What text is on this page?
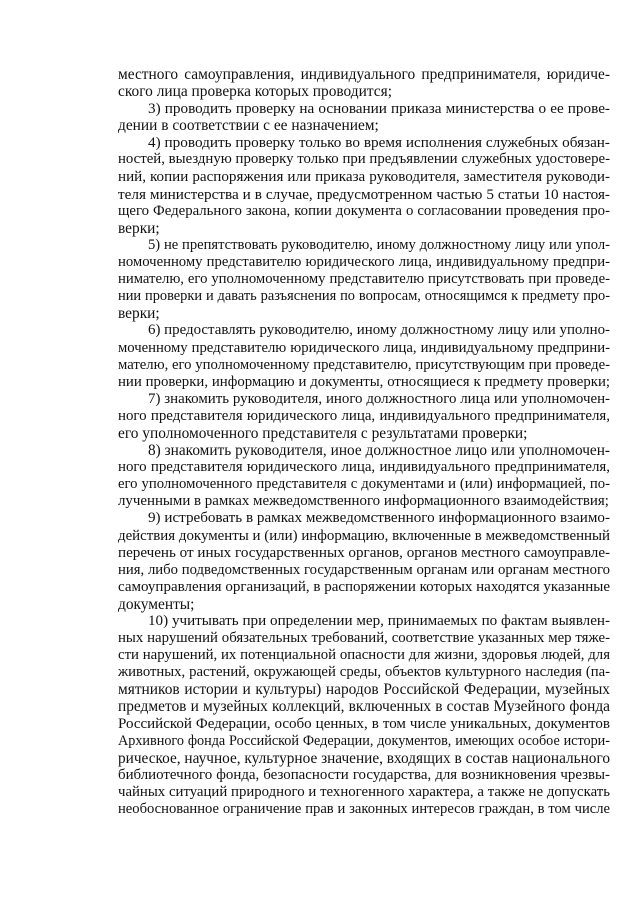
местного самоуправления, индивидуального предпринимателя, юридиче-
ского лица проверка которых проводится;
3) проводить проверку на основании приказа министерства о ее прове-
дении в соответствии с ее назначением;
4) проводить проверку только во время исполнения служебных обязан-
ностей, выездную проверку только при предъявлении служебных удостовере-
ний, копии распоряжения или приказа руководителя, заместителя руководи-
теля министерства и в случае, предусмотренном частью 5 статьи 10 настоя-
щего Федерального закона, копии документа о согласовании проведения про-
верки;
5) не препятствовать руководителю, иному должностному лицу или упол-
номоченному представителю юридического лица, индивидуальному предпри-
нимателю, его уполномоченному представителю присутствовать при проведе-
нии проверки и давать разъяснения по вопросам, относящимся к предмету про-
верки;
6) предоставлять руководителю, иному должностному лицу или уполно-
моченному представителю юридического лица, индивидуальному предприни-
мателю, его уполномоченному представителю, присутствующим при проведе-
нии проверки, информацию и документы, относящиеся к предмету проверки;
7) знакомить руководителя, иного должностного лица или уполномочен-
ного представителя юридического лица, индивидуального предпринимателя,
его уполномоченного представителя с результатами проверки;
8) знакомить руководителя, иное должностное лицо или уполномочен-
ного представителя юридического лица, индивидуального предпринимателя,
его уполномоченного представителя с документами и (или) информацией, по-
лученными в рамках межведомственного информационного взаимодействия;
9) истребовать в рамках межведомственного информационного взаимо-
действия документы и (или) информацию, включенные в межведомственный
перечень от иных государственных органов, органов местного самоуправле-
ния, либо подведомственных государственным органам или органам местного
самоуправления организаций, в распоряжении которых находятся указанные
документы;
10) учитывать при определении мер, принимаемых по фактам выявлен-
ных нарушений обязательных требований, соответствие указанных мер тяже-
сти нарушений, их потенциальной опасности для жизни, здоровья людей, для
животных, растений, окружающей среды, объектов культурного наследия (па-
мятников истории и культуры) народов Российской Федерации, музейных
предметов и музейных коллекций, включенных в состав Музейного фонда
Российской Федерации, особо ценных, в том числе уникальных, документов
Архивного фонда Российской Федерации, документов, имеющих особое истори-
рическое, научное, культурное значение, входящих в состав национального
библиотечного фонда, безопасности государства, для возникновения чрезвы-
чайных ситуаций природного и техногенного характера, а также не допускать
необоснованное ограничение прав и законных интересов граждан, в том числе
